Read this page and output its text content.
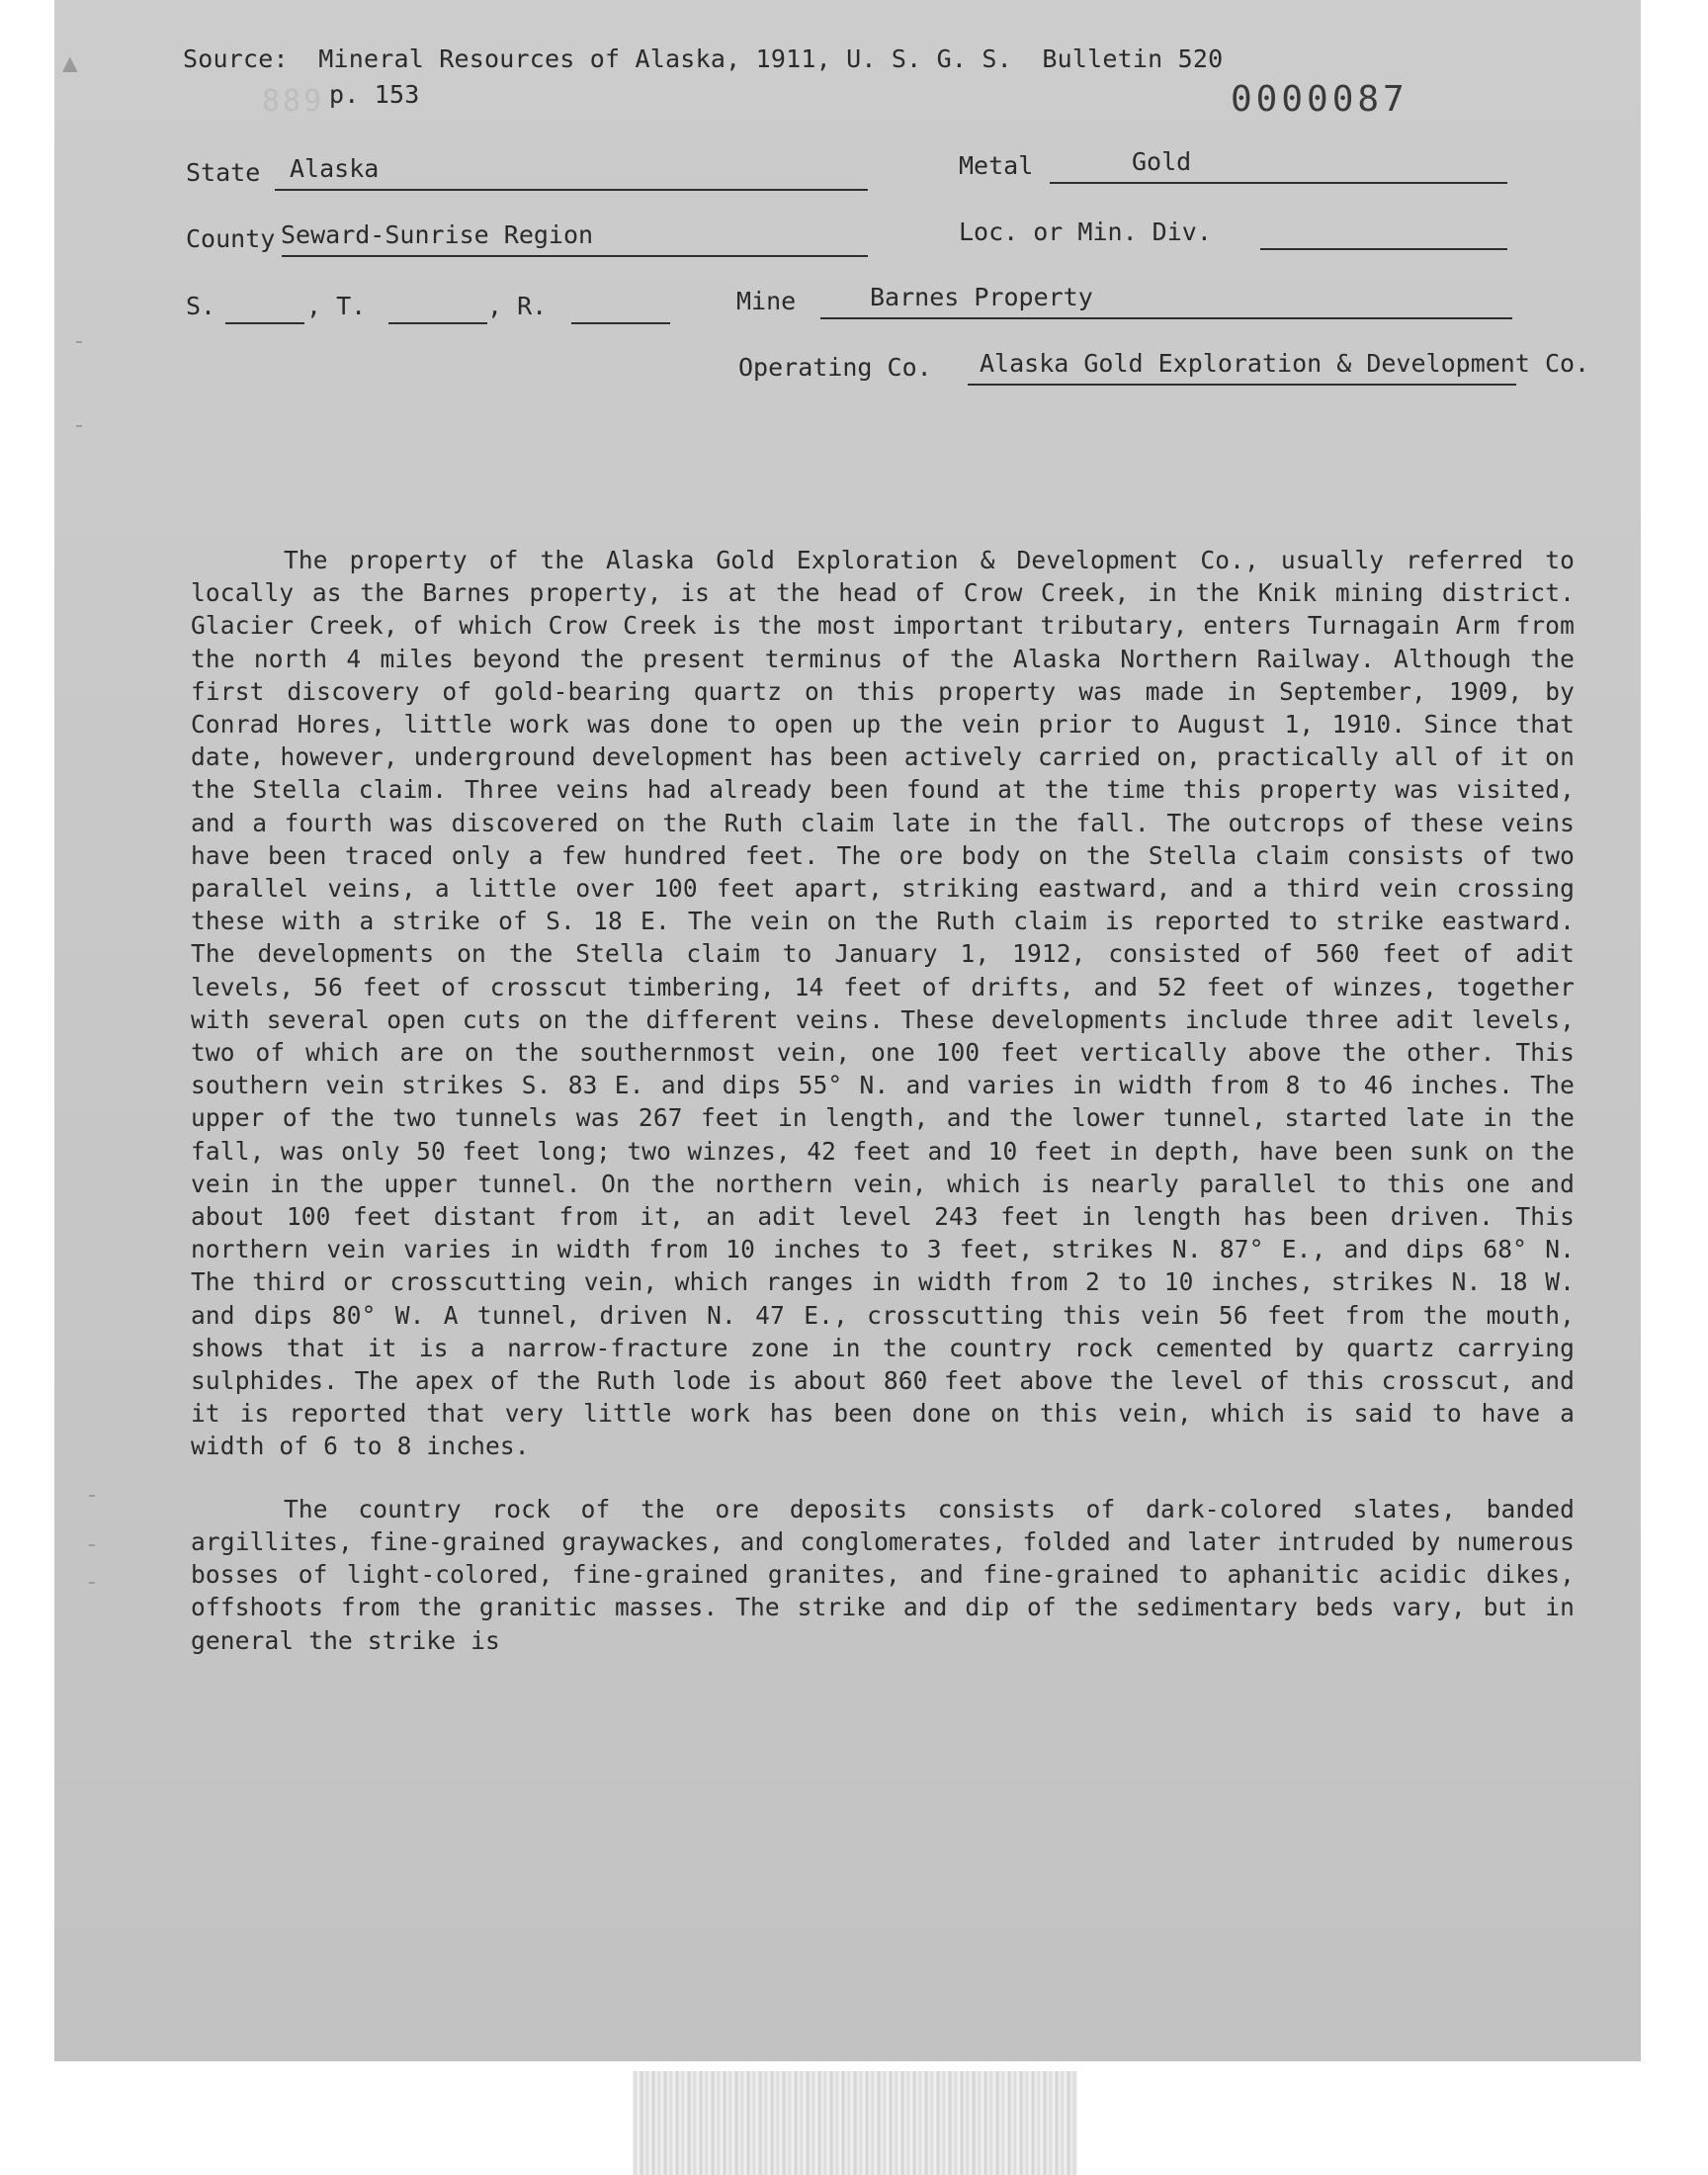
▲
889
Source: Mineral Resources of Alaska, 1911, U. S. G. S.  Bulletin 520
p. 153	0000087
State Alaska	Metal	Gold
County Seward-Sunrise Region	Loc. or Min. Div.
S.	, T.	, R.	Mine	Barnes Property
Operating Co. Alaska Gold Exploration & Development Co.

The property of the Alaska Gold Exploration & Development Co., usually referred to locally as the Barnes property, is at the head of Crow Creek, in the Knik mining district. Glacier Creek, of which Crow Creek is the most important tributary, enters Turnagain Arm from the north 4 miles beyond the present terminus of the Alaska Northern Railway. Although the first discovery of gold-bearing quartz on this property was made in September, 1909, by Conrad Hores, little work was done to open up the vein prior to August 1, 1910. Since that date, however, underground development has been actively carried on, practically all of it on the Stella claim. Three veins had already been found at the time this property was visited, and a fourth was discovered on the Ruth claim late in the fall. The outcrops of these veins have been traced only a few hundred feet. The ore body on the Stella claim consists of two parallel veins, a little over 100 feet apart, striking eastward, and a third vein crossing these with a strike of S. 18 E. The vein on the Ruth claim is reported to strike eastward. The developments on the Stella claim to January 1, 1912, consisted of 560 feet of adit levels, 56 feet of crosscut timbering, 14 feet of drifts, and 52 feet of winzes, together with several open cuts on the different veins. These developments include three adit levels, two of which are on the southernmost vein, one 100 feet vertically above the other. This southern vein strikes S. 83 E. and dips 55° N. and varies in width from 8 to 46 inches. The upper of the two tunnels was 267 feet in length, and the lower tunnel, started late in the fall, was only 50 feet long; two winzes, 42 feet and 10 feet in depth, have been sunk on the vein in the upper tunnel. On the northern vein, which is nearly parallel to this one and about 100 feet distant from it, an adit level 243 feet in length has been driven. This northern vein varies in width from 10 inches to 3 feet, strikes N. 87° E., and dips 68° N. The third or crosscutting vein, which ranges in width from 2 to 10 inches, strikes N. 18 W. and dips 80° W. A tunnel, driven N. 47 E., crosscutting this vein 56 feet from the mouth, shows that it is a narrow-fracture zone in the country rock cemented by quartz carrying sulphides. The apex of the Ruth lode is about 860 feet above the level of this crosscut, and it is reported that very little work has been done on this vein, which is said to have a width of 6 to 8 inches.

The country rock of the ore deposits consists of dark-colored slates, banded argillites, fine-grained graywackes, and conglomerates, folded and later intruded by numerous bosses of light-colored, fine-grained granites, and fine-grained to aphanitic acidic dikes, offshoots from the granitic masses. The strike and dip of the sedimentary beds vary, but in general the strike is
